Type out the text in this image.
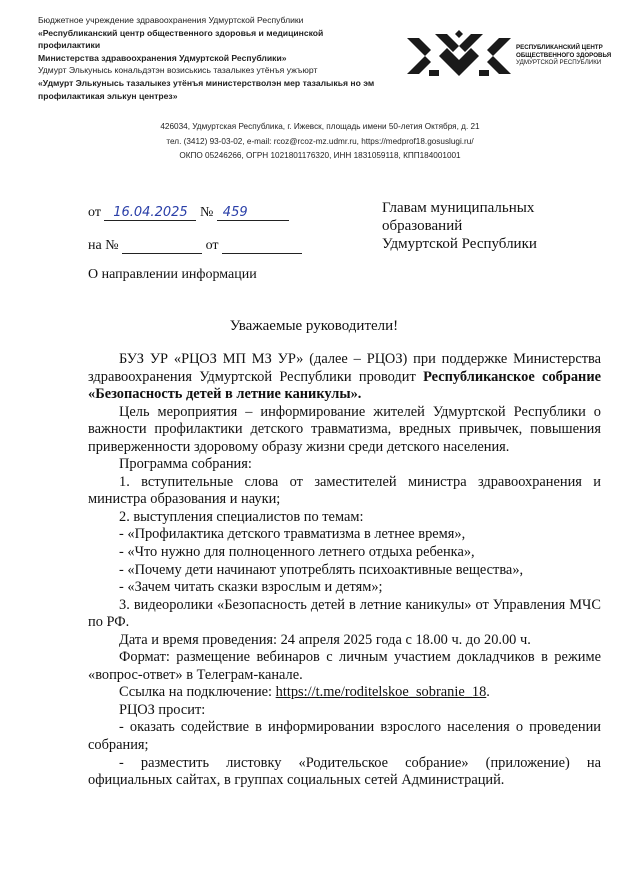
Бюджетное учреждение здравоохранения Удмуртской Республики
«Республиканский центр общественного здоровья и медицинской профилактики
Министерства здравоохранения Удмуртской Республики»
Удмурт Элькунысь кональдэтэн возиськись тазалыкез утёнъя ужъюрт
«Удмурт Элькунысь тазалыкез утёнъя министерстволэн мер тазалыкья но эм
профилактикая элькун центрез»
РЕСПУБЛИКАНСКИЙ ЦЕНТР
ОБЩЕСТВЕННОГО ЗДОРОВЬЯ
УДМУРТСКОЙ РЕСПУБЛИКИ
426034, Удмуртская Республика, г. Ижевск, площадь имени 50-летия Октября, д. 21
тел. (3412) 93-03-02, e-mail: rcoz@rcoz-mz.udmr.ru, https://medprof18.gosuslugi.ru/
ОКПО 05246266, ОГРН 1021801176320, ИНН 1831059118, КПП184001001
от 16.04.2025 № 459
на №	от
Главам муниципальных
образований
Удмуртской Республики
О направлении информации
Уважаемые руководители!

БУЗ УР «РЦОЗ МП МЗ УР» (далее – РЦОЗ) при поддержке Министерства здравоохранения Удмуртской Республики проводит Республиканское собрание «Безопасность детей в летние каникулы».

Цель мероприятия – информирование жителей Удмуртской Республики о важности профилактики детского травматизма, вредных привычек, повышения приверженности здоровому образу жизни среди детского населения.

Программа собрания:

1. вступительные слова от заместителей министра здравоохранения и министра образования и науки;

2. выступления специалистов по темам:

- «Профилактика детского травматизма в летнее время»,

- «Что нужно для полноценного летнего отдыха ребенка»,

- «Почему дети начинают употреблять психоактивные вещества»,

- «Зачем читать сказки взрослым и детям»;

3. видеоролики «Безопасность детей в летние каникулы» от Управления МЧС по РФ.

Дата и время проведения: 24 апреля 2025 года с 18.00 ч. до 20.00 ч.

Формат: размещение вебинаров с личным участием докладчиков в режиме «вопрос-ответ» в Телеграм-канале.

Ссылка на подключение: https://t.me/roditelskoe_sobranie_18.

РЦОЗ просит:

- оказать содействие в информировании взрослого населения о проведении собрания;

- разместить листовку «Родительское собрание» (приложение) на официальных сайтах, в группах социальных сетей Администраций.
